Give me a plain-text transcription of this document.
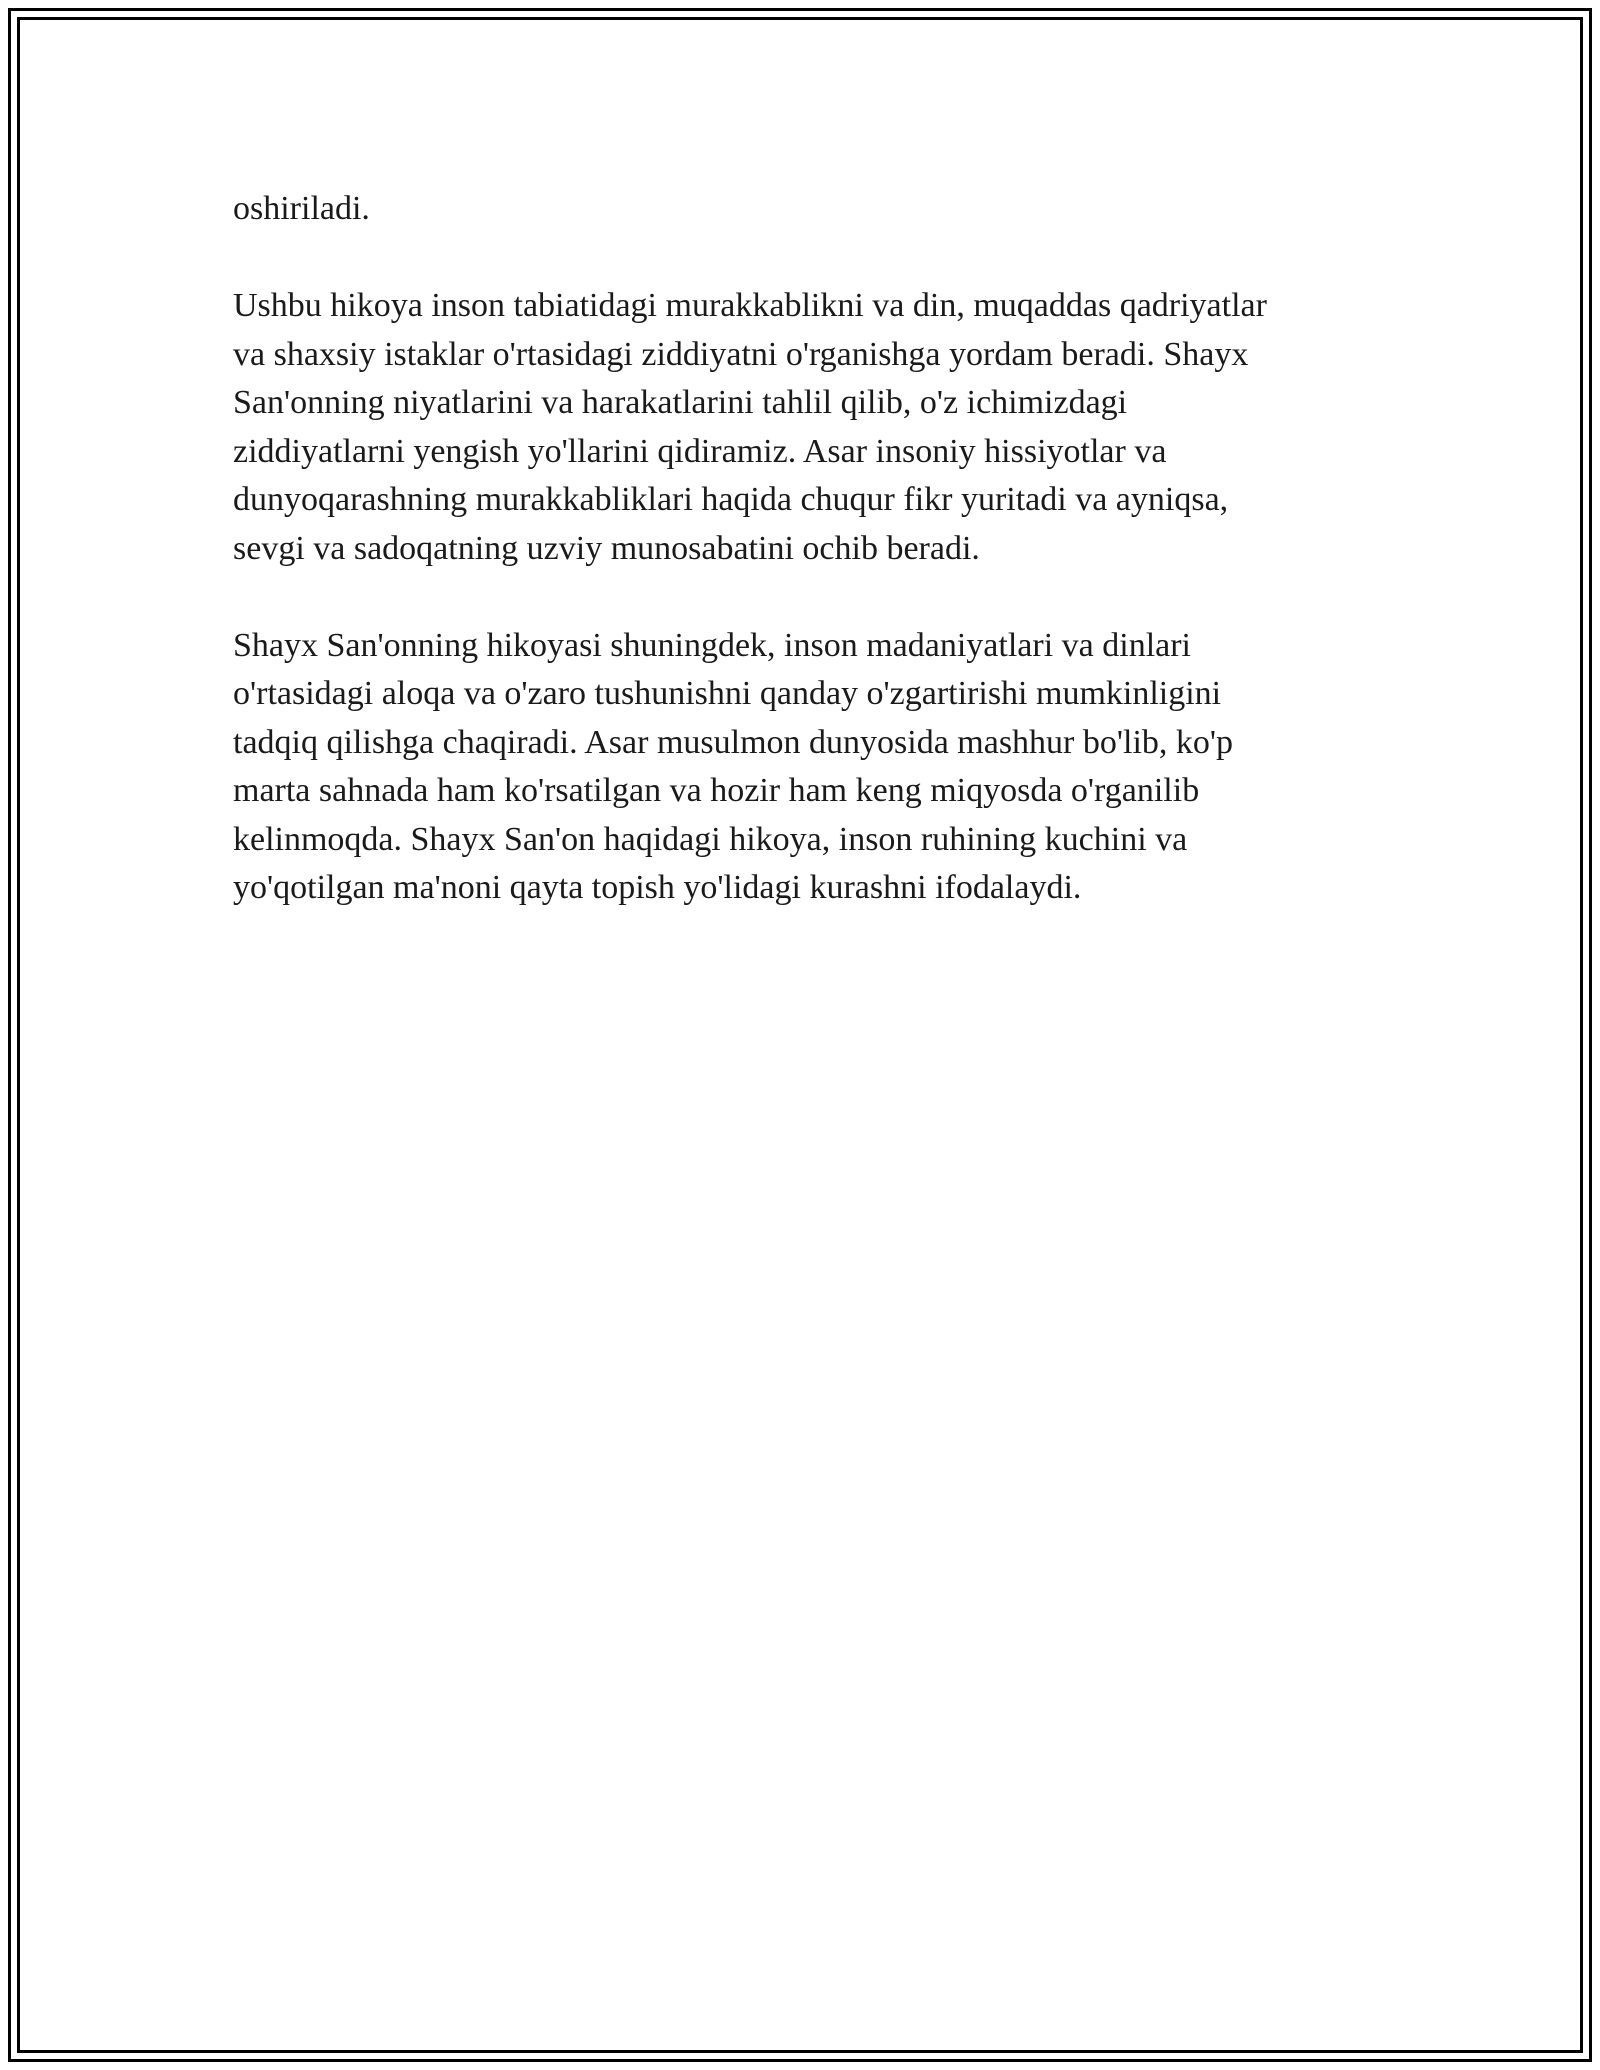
oshiriladi.

Ushbu hikoya inson tabiatidagi murakkablikni va din, muqaddas qadriyatlar
va shaxsiy istaklar o'rtasidagi ziddiyatni o'rganishga yordam beradi. Shayx
San'onning niyatlarini va harakatlarini tahlil qilib, o'z ichimizdagi
ziddiyatlarni yengish yo'llarini qidiramiz. Asar insoniy hissiyotlar va
dunyoqarashning murakkabliklari haqida chuqur fikr yuritadi va ayniqsa,
sevgi va sadoqatning uzviy munosabatini ochib beradi.

Shayx San'onning hikoyasi shuningdek, inson madaniyatlari va dinlari
o'rtasidagi aloqa va o'zaro tushunishni qanday o'zgartirishi mumkinligini
tadqiq qilishga chaqiradi. Asar musulmon dunyosida mashhur bo'lib, ko'p
marta sahnada ham ko'rsatilgan va hozir ham keng miqyosda o'rganilib
kelinmoqda. Shayx San'on haqidagi hikoya, inson ruhining kuchini va
yo'qotilgan ma'noni qayta topish yo'lidagi kurashni ifodalaydi.
